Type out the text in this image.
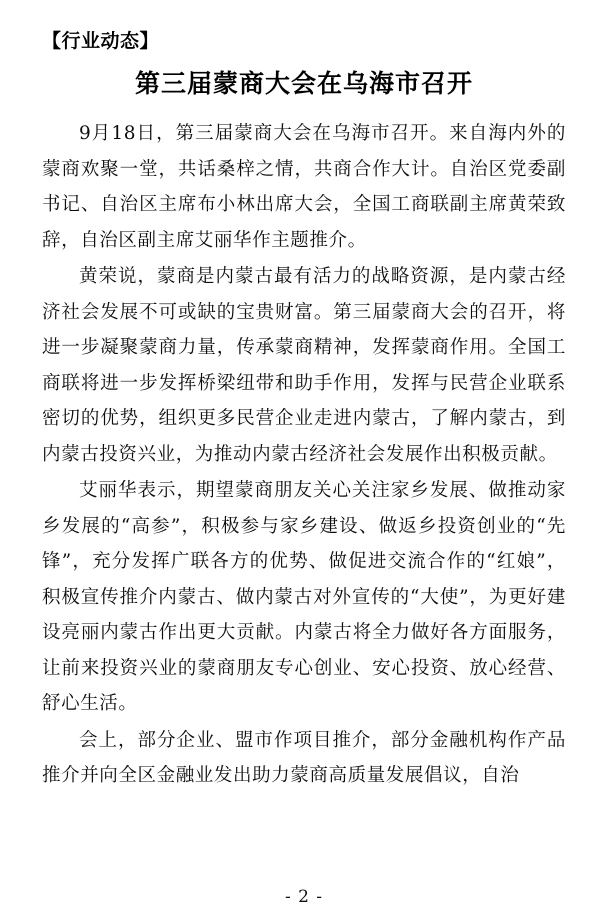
【行业动态】
第三届蒙商大会在乌海市召开

9月18日，第三届蒙商大会在乌海市召开。来自海内外的蒙商欢聚一堂，共话桑梓之情，共商合作大计。自治区党委副书记、自治区主席布小林出席大会，全国工商联副主席黄荣致辞，自治区副主席艾丽华作主题推介。

黄荣说，蒙商是内蒙古最有活力的战略资源，是内蒙古经济社会发展不可或缺的宝贵财富。第三届蒙商大会的召开，将进一步凝聚蒙商力量，传承蒙商精神，发挥蒙商作用。全国工商联将进一步发挥桥梁纽带和助手作用，发挥与民营企业联系密切的优势，组织更多民营企业走进内蒙古，了解内蒙古，到内蒙古投资兴业，为推动内蒙古经济社会发展作出积极贡献。

艾丽华表示，期望蒙商朋友关心关注家乡发展、做推动家乡发展的“高参”，积极参与家乡建设、做返乡投资创业的“先锋”，充分发挥广联各方的优势、做促进交流合作的“红娘”，积极宣传推介内蒙古、做内蒙古对外宣传的“大使”，为更好建设亮丽内蒙古作出更大贡献。内蒙古将全力做好各方面服务，让前来投资兴业的蒙商朋友专心创业、安心投资、放心经营、舒心生活。

会上，部分企业、盟市作项目推介，部分金融机构作产品推介并向全区金融业发出助力蒙商高质量发展倡议，自治

- 2 -
